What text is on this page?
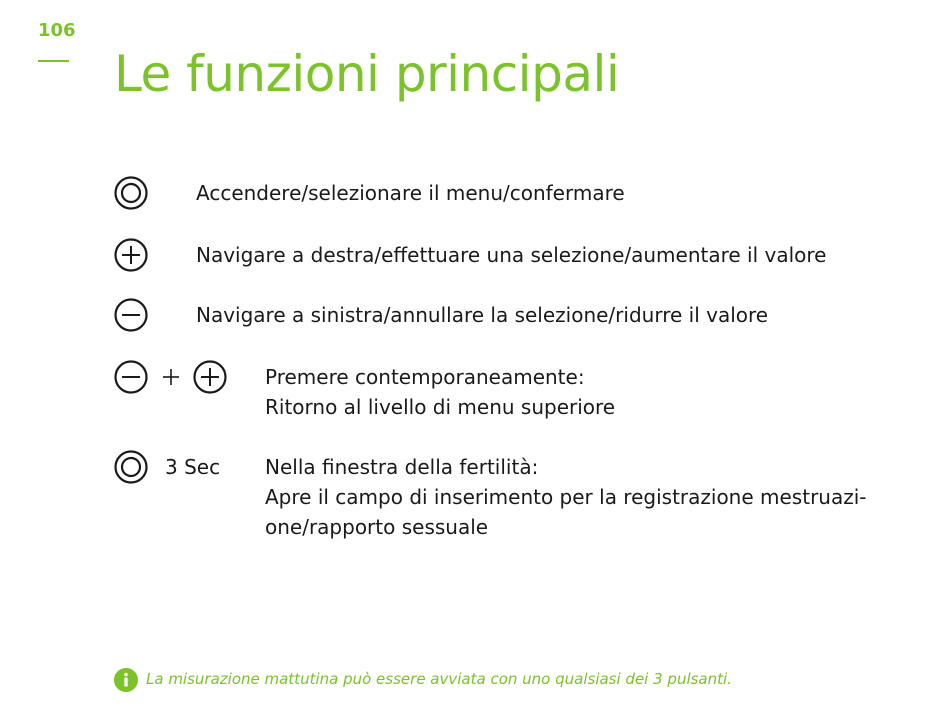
106
Le funzioni principali
Accendere/selezionare il menu/confermare
Navigare a destra/effettuare una selezione/aumentare il valore
Navigare a sinistra/annullare la selezione/ridurre il valore
Premere contemporaneamente:
Ritorno al livello di menu superiore
3 Sec Nella finestra della fertilità:
Apre il campo di inserimento per la registrazione mestruazi-
one/rapporto sessuale
La misurazione mattutina può essere avviata con uno qualsiasi dei 3 pulsanti.
